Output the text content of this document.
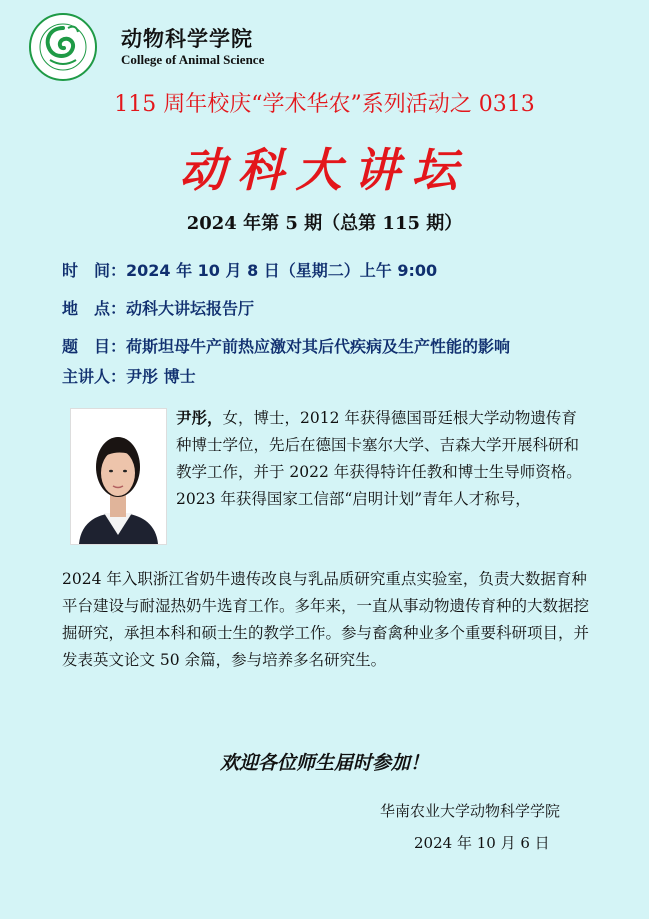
动物科学学院
College of Animal Science
115 周年校庆“学术华农”系列活动之 0313
动科大讲坛
2024 年第 5 期（总第 115 期）
时　间：2024 年 10 月 8 日（星期二）上午 9:00
地　点：动科大讲坛报告厅
题　目：荷斯坦母牛产前热应激对其后代疾病及生产性能的影响
主讲人：尹彤 博士
尹彤，女，博士，2012 年获得德国哥廷根大学动物遗传育种博士学位，先后在德国卡塞尔大学、吉森大学开展科研和教学工作，并于 2022 年获得特许任教和博士生导师资格。2023 年获得国家工信部“启明计划”青年人才称号，
2024 年入职浙江省奶牛遗传改良与乳品质研究重点实验室，负责大数据育种平台建设与耐湿热奶牛选育工作。多年来，一直从事动物遗传育种的大数据挖掘研究，承担本科和硕士生的教学工作。参与畜禽种业多个重要科研项目，并发表英文论文 50 余篇，参与培养多名研究生。
欢迎各位师生届时参加！
华南农业大学动物科学学院
2024 年 10 月 6 日
